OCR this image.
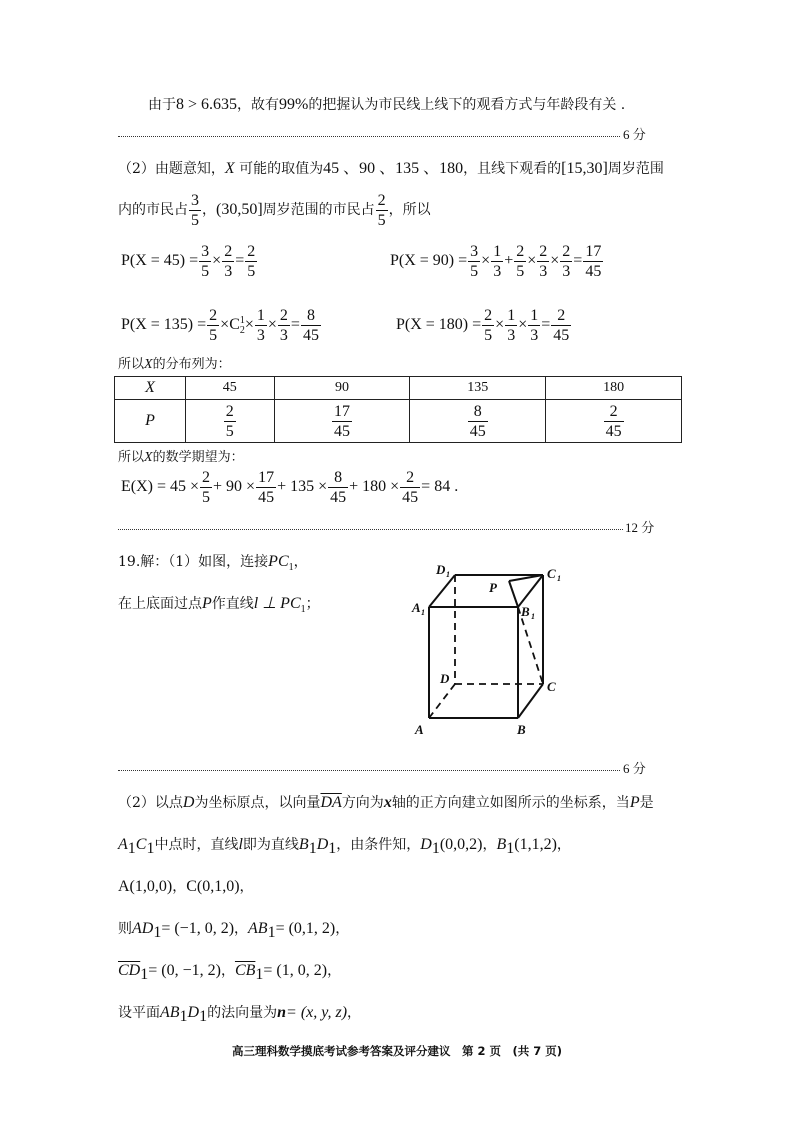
由于8 > 6.635，故有99%的把握认为市民线上线下的观看方式与年龄段有关 .
6 分
（2）由题意知，X 可能的取值为45 、90 、135 、180，且线下观看的[15,30]周岁范围
内的市民占 $\frac{3}{5}$ ，(30,50]周岁范围的市民占 $\frac{2}{5}$ ，所以
$P(X = 45) = \frac{3}{5} \times \frac{2}{3} = \frac{2}{5}$	$P(X = 90) = \frac{3}{5} \times \frac{1}{3} + \frac{2}{5} \times \frac{2}{3} \times \frac{2}{3} = \frac{17}{45}$
$P(X = 135) = \frac{2}{5} \times C$ 1
$2 \times \frac{1}{3} \times \frac{2}{3} = \frac{8}{45}$	$P(X = 180) = \frac{2}{5} \times \frac{1}{3} \times \frac{1}{3} = \frac{2}{45}$
所以X的分布列为：
X	45	90	135	180
P	$\frac{2}{5}$	$\frac{17}{45}$	$\frac{8}{45}$	$\frac{2}{45}$
所以X的数学期望为：
$E(X) = 45 \times \frac{2}{5} + 90 \times \frac{17}{45} + 135 \times \frac{8}{45} + 180 \times \frac{2}{45} = 84$ .
12 分
19.解：（1）如图，连接$PC_1$，
在上底面过点P作直线l ⊥ $PC_1$；
D 1	C 1
A 1	B 1
P
D
C
A	B
6 分
（2）以点D为坐标原点，以向量$\overline{DA}$方向为x轴的正方向建立如图所示的坐标系，当P是
$A_1C_1$中点时，直线l即为直线$B_1D_1$，由条件知，$D_1(0,0,2)$，$B_1(1,1,2)$，
A(1,0,0)，C(0,1,0)，
则$AD_1= (-1$, 0, 2)，$AB_1= (0,1$, 2)，
$\overline{CD}_1= (0$, −1, 2)，$\overline{CB}_1= (1$, 0, 2)，
设平面$AB_1D_1$的法向量为n= (x, y, z)，
高三理科数学摸底考试参考答案及评分建议　第 2 页　(共 7 页)
